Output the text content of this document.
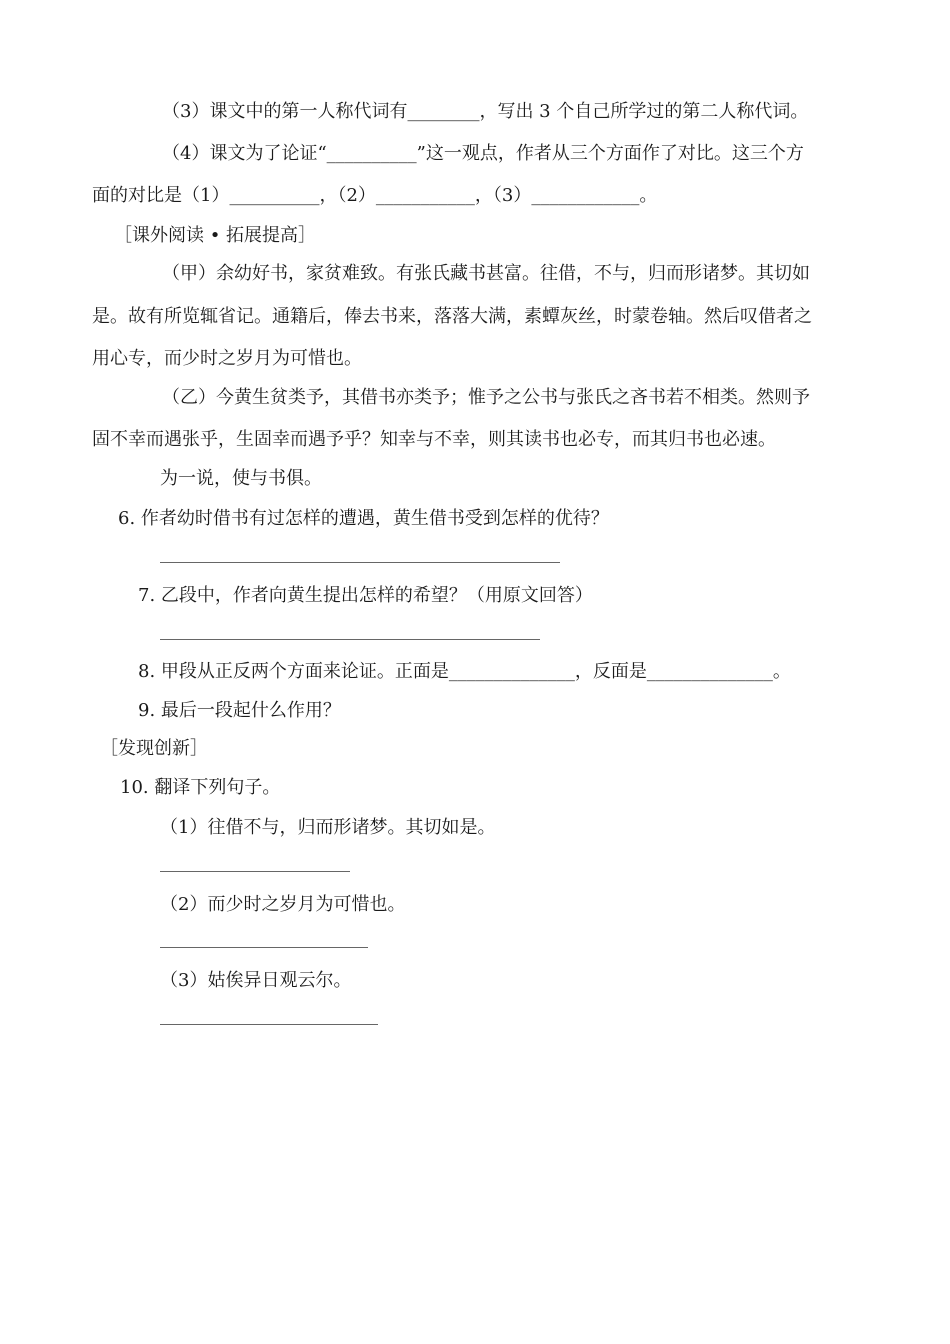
（3）课文中的第一人称代词有________，写出 3 个自己所学过的第二人称代词。
（4）课文为了论证“__________”这一观点，作者从三个方面作了对比。这三个方
面的对比是（1）__________，（2）___________，（3）____________。
［课外阅读 • 拓展提高］
（甲）余幼好书，家贫难致。有张氏藏书甚富。往借，不与，归而形诸梦。其切如
是。故有所览辄省记。通籍后，俸去书来，落落大满，素蟫灰丝，时蒙卷轴。然后叹借者之
用心专，而少时之岁月为可惜也。
（乙）今黄生贫类予，其借书亦类予；惟予之公书与张氏之吝书若不相类。然则予
固不幸而遇张乎，生固幸而遇予乎？知幸与不幸，则其读书也必专，而其归书也必速。
为一说，使与书俱。
6. 作者幼时借书有过怎样的遭遇，黄生借书受到怎样的优待？
7. 乙段中，作者向黄生提出怎样的希望？（用原文回答）
8. 甲段从正反两个方面来论证。正面是______________，反面是______________。
9. 最后一段起什么作用？
［发现创新］
10. 翻译下列句子。
（1）往借不与，归而形诸梦。其切如是。
（2）而少时之岁月为可惜也。
（3）姑俟异日观云尔。
